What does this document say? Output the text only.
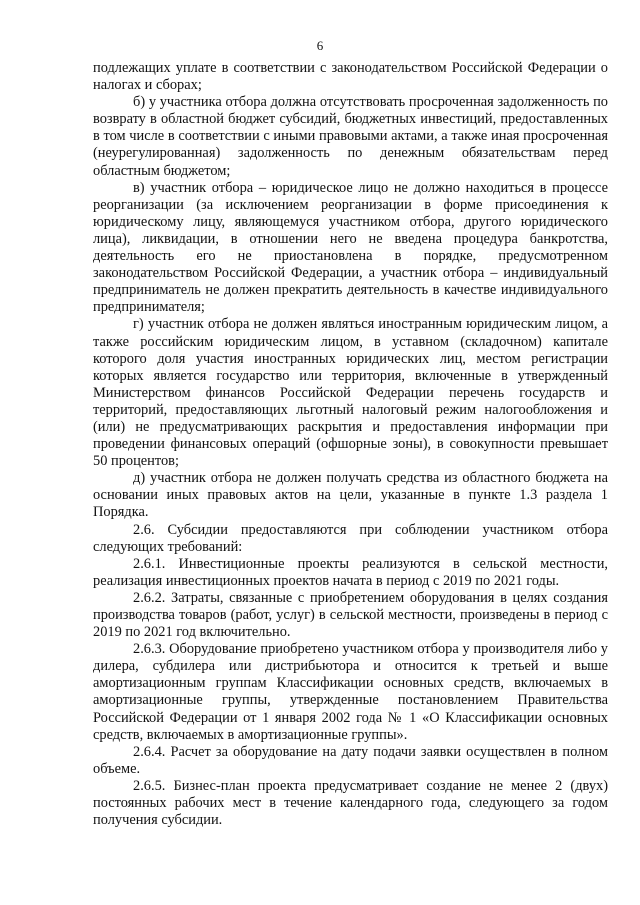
6

подлежащих уплате в соответствии с законодательством Российской Федерации о налогах и сборах;

б) у участника отбора должна отсутствовать просроченная задолженность по возврату в областной бюджет субсидий, бюджетных инвестиций, предоставленных в том числе в соответствии с иными правовыми актами, а также иная просроченная (неурегулированная) задолженность по денежным обязательствам перед областным бюджетом;

в) участник отбора – юридическое лицо не должно находиться в процессе реорганизации (за исключением реорганизации в форме присоединения к юридическому лицу, являющемуся участником отбора, другого юридического лица), ликвидации, в отношении него не введена процедура банкротства, деятельность его не приостановлена в порядке, предусмотренном законодательством Российской Федерации, а участник отбора – индивидуальный предприниматель не должен прекратить деятельность в качестве индивидуального предпринимателя;

г) участник отбора не должен являться иностранным юридическим лицом, а также российским юридическим лицом, в уставном (складочном) капитале которого доля участия иностранных юридических лиц, местом регистрации которых является государство или территория, включенные в утвержденный Министерством финансов Российской Федерации перечень государств и территорий, предоставляющих льготный налоговый режим налогообложения и (или) не предусматривающих раскрытия и предоставления информации при проведении финансовых операций (офшорные зоны), в совокупности превышает 50 процентов;

д) участник отбора не должен получать средства из областного бюджета на основании иных правовых актов на цели, указанные в пункте 1.3 раздела 1 Порядка.

2.6. Субсидии предоставляются при соблюдении участником отбора следующих требований:

2.6.1. Инвестиционные проекты реализуются в сельской местности, реализация инвестиционных проектов начата в период с 2019 по 2021 годы.

2.6.2. Затраты, связанные с приобретением оборудования в целях создания производства товаров (работ, услуг) в сельской местности, произведены в период с 2019 по 2021 год включительно.

2.6.3. Оборудование приобретено участником отбора у производителя либо у дилера, субдилера или дистрибьютора и относится к третьей и выше амортизационным группам Классификации основных средств, включаемых в амортизационные группы, утвержденные постановлением Правительства Российской Федерации от 1 января 2002 года № 1 «О Классификации основных средств, включаемых в амортизационные группы».

2.6.4. Расчет за оборудование на дату подачи заявки осуществлен в полном объеме.

2.6.5. Бизнес-план проекта предусматривает создание не менее 2 (двух) постоянных рабочих мест в течение календарного года, следующего за годом получения субсидии.
